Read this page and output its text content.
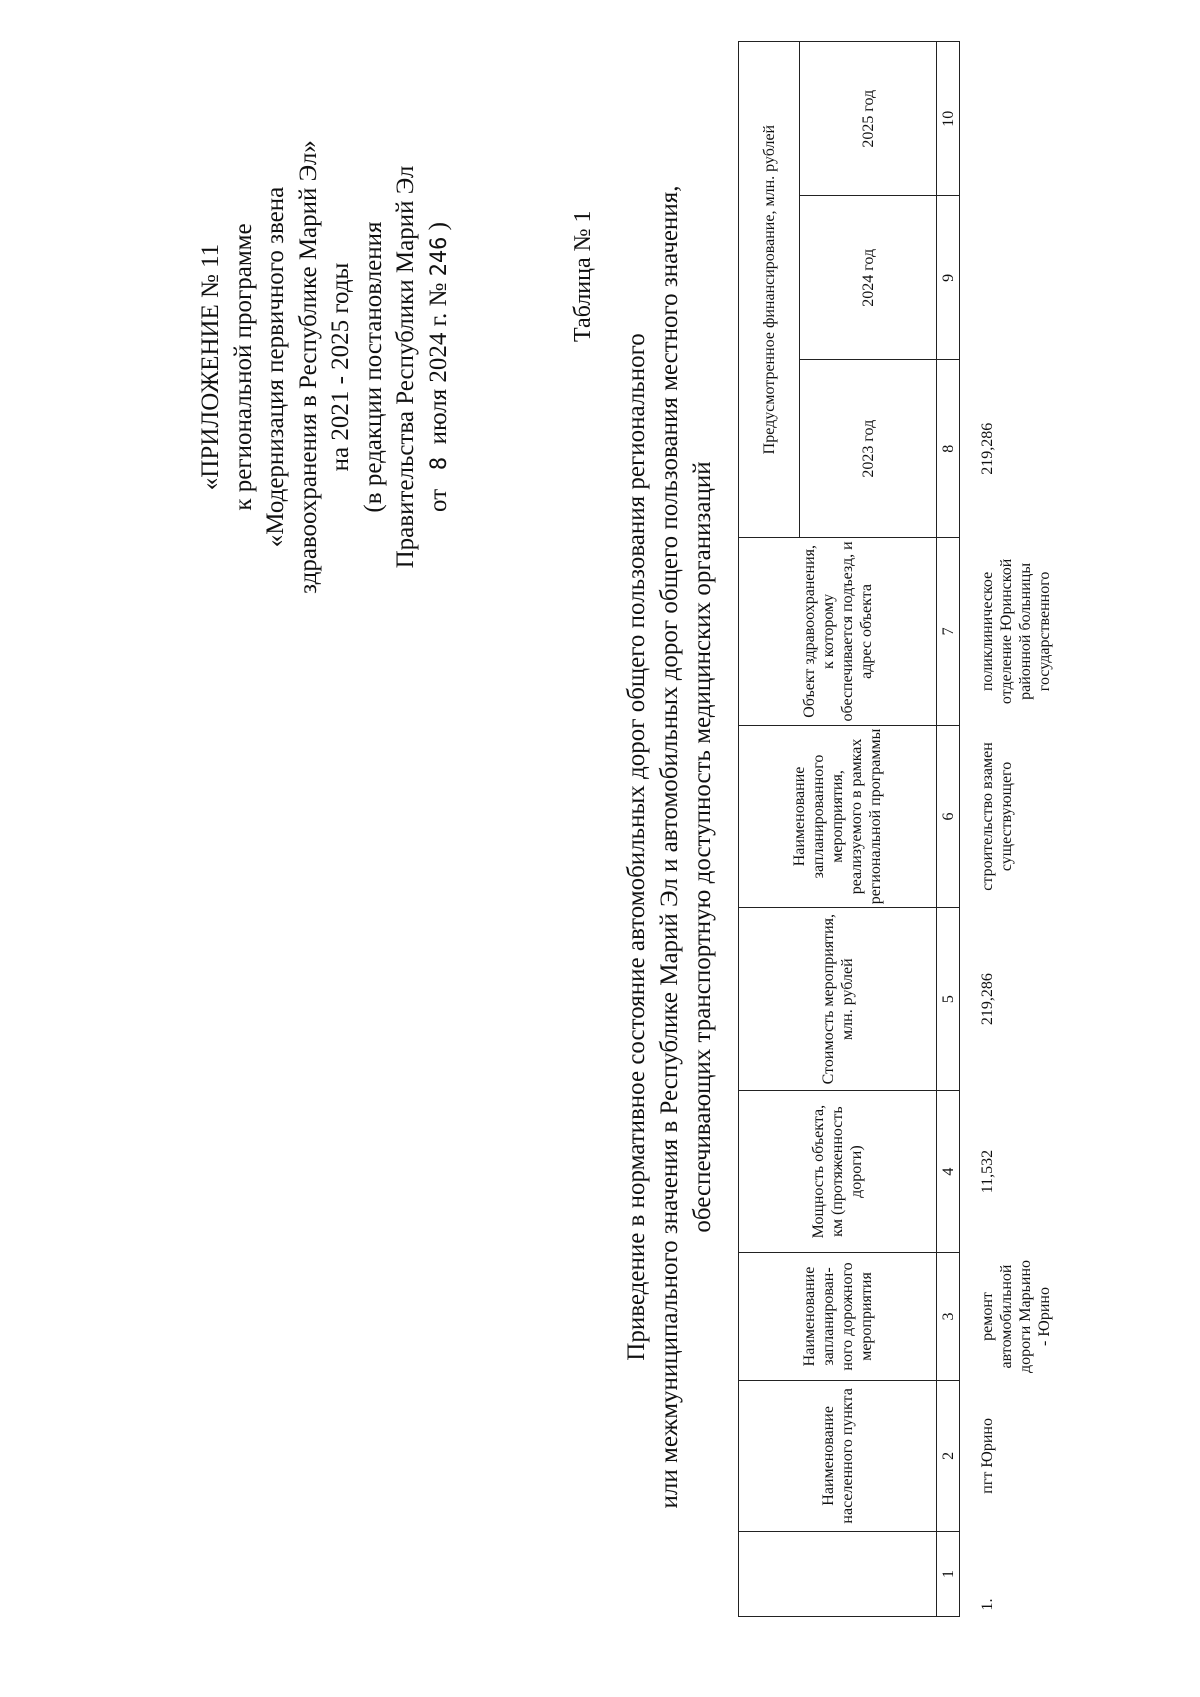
«ПРИЛОЖЕНИЕ № 11 к региональной программе «Модернизация первичного звена здравоохранения в Республике Марий Эл» на 2021 - 2025 годы (в редакции постановления Правительства Республики Марий Эл от   8  июля 2024 г. № 246 )	Таблица № 1
Приведение в нормативное состояние автомобильных дорог общего пользования регионального или межмуниципального значения в Республике Марий Эл и автомобильных дорог общего пользования местного значения, обеспечивающих транспортную доступность медицинских организаций
	Наименование населенного пункта	Наименование запланирован-ного дорожного мероприятия	Мощность объекта, км (протяженность дороги)	Стоимость мероприятия, млн. рублей	Наименование запланированного мероприятия, реализуемого в рамках региональной программы	Объект здравоохранения, к которому обеспечивается подъезд, и адрес объекта	Предусмотренное финансирование, млн. рублей		
							2023 год	2024 год	2025 год
1	2	3	4	5	6	7	8	9	10
1.	пгт Юрино	ремонт автомобильной дороги Марьино - Юрино	11,532	219,286	строительство взамен существующего	поликлиническое отделение Юринской районной больницы государственного	219,286		
